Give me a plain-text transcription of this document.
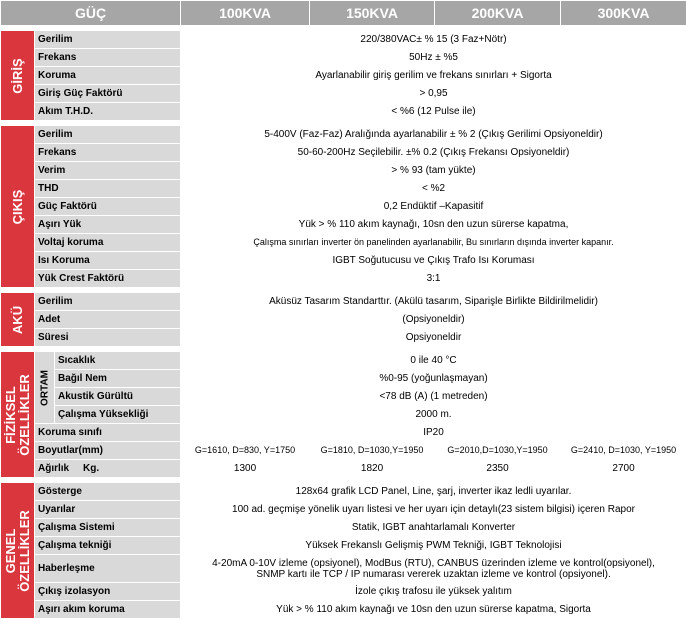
GÜÇ			100KVA	150KVA	200KVA	300KVA

GİRİŞ	Gerilim		220/380VAC± % 15 (3 Faz+Nötr)			
	Frekans		50Hz ± %5			
	Koruma		Ayarlanabilir giriş gerilim ve frekans sınırları + Sigorta			
	Giriş Güç Faktörü		> 0,95			
	Akım T.H.D.		< %6 (12 Pulse ile)			

ÇIKIŞ	Gerilim		5-400V (Faz-Faz) Aralığında ayarlanabilir ± % 2 (Çıkış Gerilimi Opsiyoneldir)			
	Frekans		50-60-200Hz Seçilebilir. ±% 0.2 (Çıkış Frekansı Opsiyoneldir)			
	Verim		> % 93 (tam yükte)			
	THD		< %2			
	Güç Faktörü		0,2 Endüktif –Kapasitif			
	Aşırı Yük		Yük > % 110 akım kaynağı, 10sn den uzun sürerse kapatma,			
	Voltaj koruma		Çalışma sınırları inverter ön panelinden ayarlanabilir, Bu sınırların dışında inverter kapanır.			
	Isı Koruma		IGBT Soğutucusu ve Çıkış Trafo Isı Koruması			
	Yük Crest Faktörü		3:1			

AKÜ	Gerilim		Aküsüz Tasarım Standarttır. (Akülü tasarım, Siparişle Birlikte Bildirilmelidir)			
	Adet		(Opsiyoneldir)			
	Süresi		Opsiyoneldir			

FİZİKSEL
ÖZELLİKLER	ORTAM	Sıcaklık	0 ile 40 °C			
		Bağıl Nem	%0-95 (yoğunlaşmayan)			
		Akustik Gürültü	<78 dB (A) (1 metreden)			
		Çalışma Yüksekliği	2000 m.			
	Koruma sınıfı		IP20			
	Boyutlar(mm)		G=1610, D=830, Y=1750	G=1810, D=1030,Y=1950	G=2010,D=1030,Y=1950	G=2410, D=1030, Y=1950
	Ağırlık     Kg.		1300	1820	2350	2700

GENEL
ÖZELLİKLER	Gösterge		128x64 grafik LCD Panel, Line, şarj, inverter ikaz ledli uyarılar.			
	Uyarılar		100 ad. geçmişe yönelik uyarı listesi ve her uyarı için detaylı(23 sistem bilgisi) içeren Rapor			
	Çalışma Sistemi		Statik, IGBT anahtarlamalı Konverter			
	Çalışma tekniği		Yüksek Frekanslı Gelişmiş PWM Tekniği, IGBT Teknolojisi			
	Haberleşme		4-20mA 0-10V izleme (opsiyonel), ModBus (RTU), CANBUS üzerinden izleme ve kontrol(opsiyonel),
SNMP kartı ile TCP / IP numarası vererek uzaktan izleme ve kontrol (opsiyonel).			

	Çıkış izolasyon		İzole çıkış trafosu ile yüksek yalıtım			
	Aşırı akım koruma		Yük > % 110 akım kaynağı ve 10sn den uzun sürerse kapatma, Sigorta			
